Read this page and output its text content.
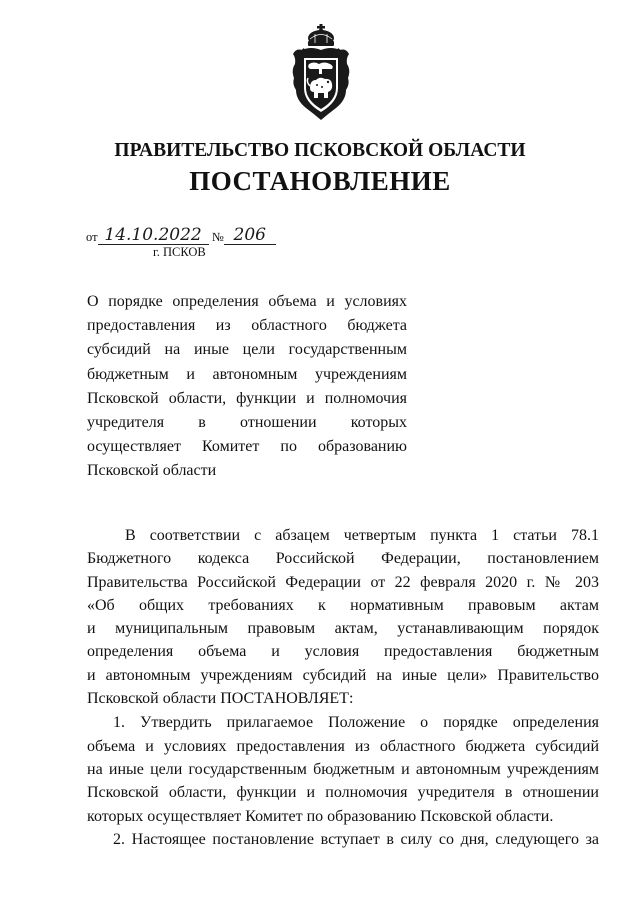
ПРАВИТЕЛЬСТВО ПСКОВСКОЙ ОБЛАСТИ
ПОСТАНОВЛЕНИЕ
от 14.10.2022 № 206
г. ПСКОВ
О порядке определения объема и условиях
предоставления из областного бюджета
субсидий на иные цели государственным
бюджетным и автономным учреждениям
Псковской области, функции и полномочия
учредителя в отношении которых
осуществляет Комитет по образованию
Псковской области
В соответствии с абзацем четвертым пункта 1 статьи 78.1
Бюджетного кодекса Российской Федерации, постановлением
Правительства Российской Федерации от 22 февраля 2020 г. № 203
«Об общих требованиях к нормативным правовым актам
и муниципальным правовым актам, устанавливающим порядок
определения объема и условия предоставления бюджетным
и автономным учреждениям субсидий на иные цели» Правительство
Псковской области ПОСТАНОВЛЯЕТ:
1. Утвердить прилагаемое Положение о порядке определения
объема и условиях предоставления из областного бюджета субсидий
на иные цели государственным бюджетным и автономным учреждениям
Псковской области, функции и полномочия учредителя в отношении
которых осуществляет Комитет по образованию Псковской области.
2. Настоящее постановление вступает в силу со дня, следующего за
